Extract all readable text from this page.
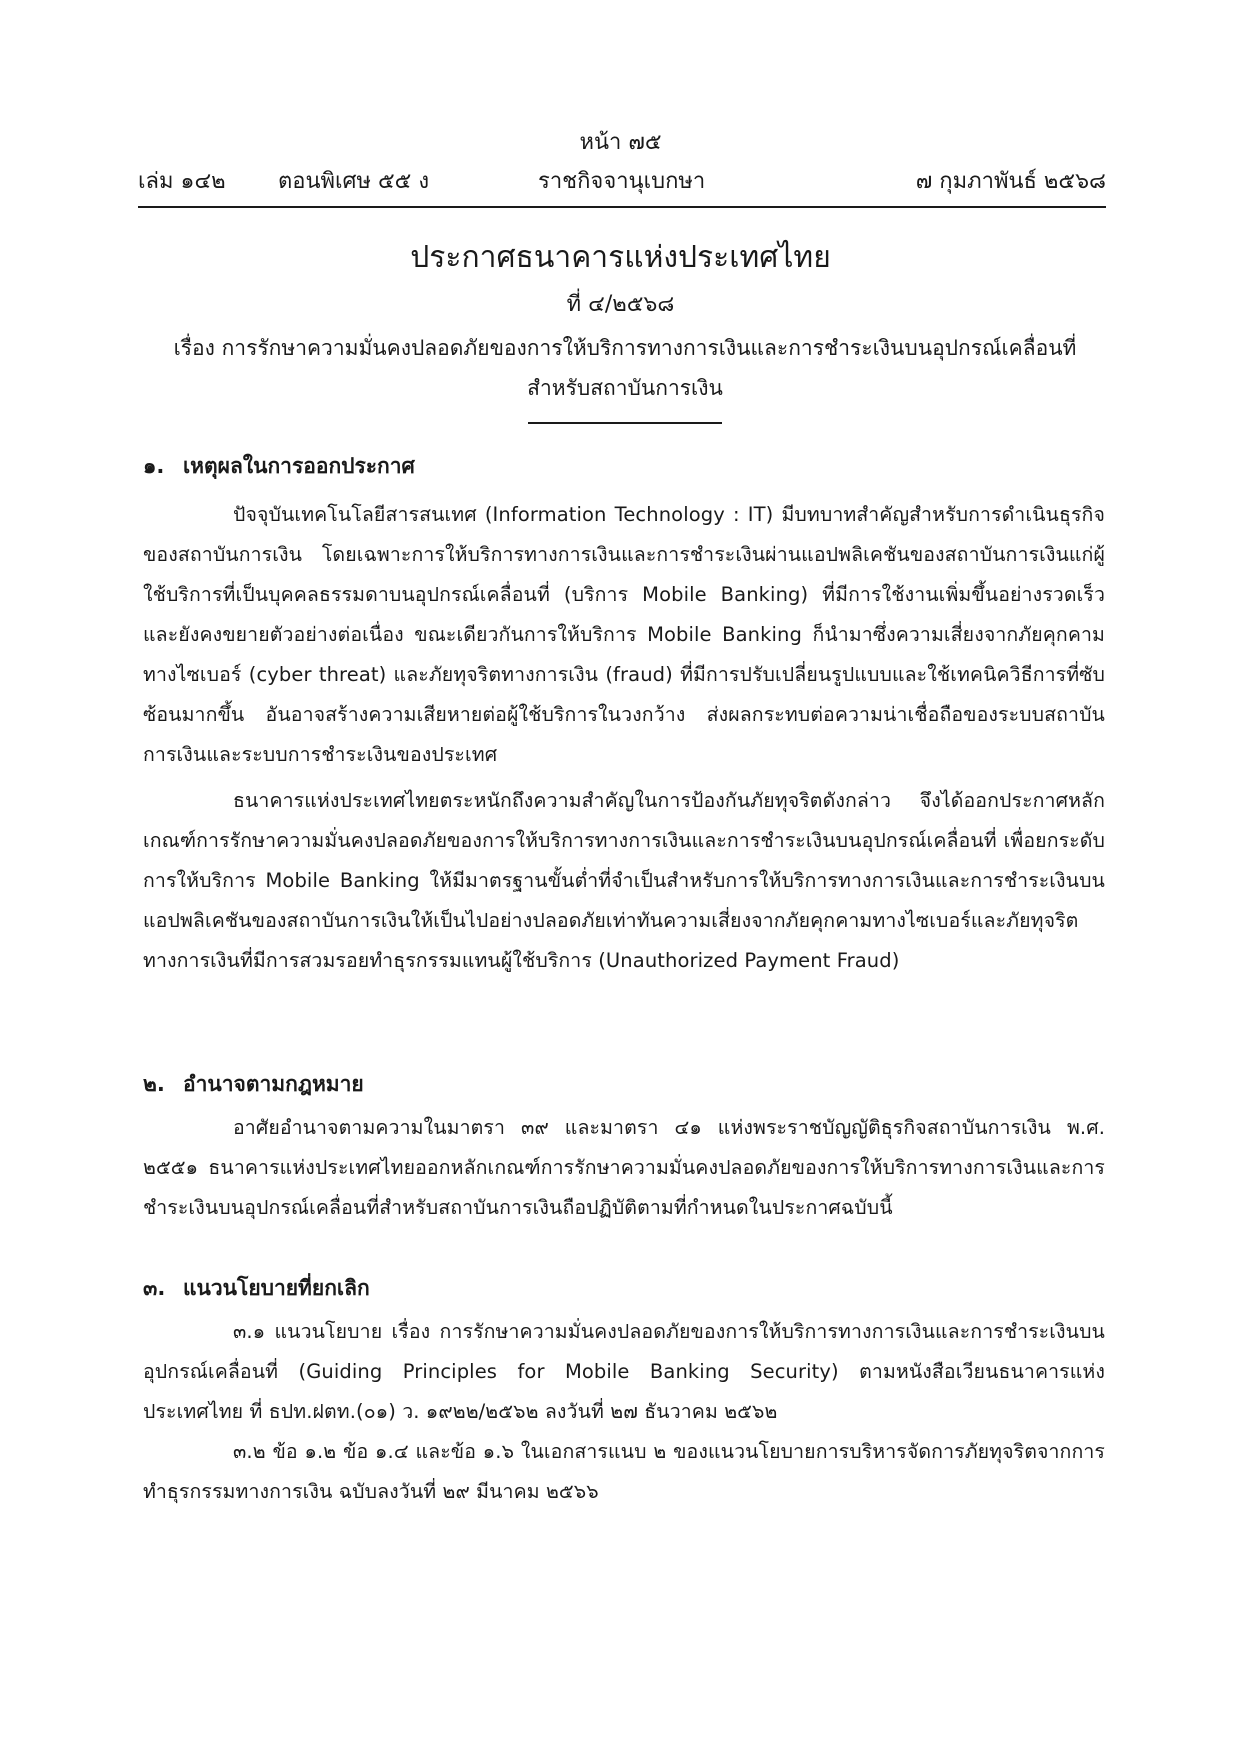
หน้า ๗๕
เล่ม ๑๔๒ ตอนพิเศษ ๕๕ ง	ราชกิจจานุเบกษา	๗ กุมภาพันธ์ ๒๕๖๘
ประกาศธนาคารแห่งประเทศไทย
ที่ ๔/๒๕๖๘
เรื่อง การรักษาความมั่นคงปลอดภัยของการให้บริการทางการเงินและการชำระเงินบนอุปกรณ์เคลื่อนที่ สำหรับสถาบันการเงิน
๑. เหตุผลในการออกประกาศ

ปัจจุบันเทคโนโลยีสารสนเทศ (Information Technology : IT) มีบทบาทสำคัญสำหรับการดำเนินธุรกิจของสถาบันการเงิน โดยเฉพาะการให้บริการทางการเงินและการชำระเงินผ่านแอปพลิเคชันของสถาบันการเงินแก่ผู้ใช้บริการที่เป็นบุคคลธรรมดาบนอุปกรณ์เคลื่อนที่ (บริการ Mobile Banking) ที่มีการใช้งานเพิ่มขึ้นอย่างรวดเร็ว และยังคงขยายตัวอย่างต่อเนื่อง ขณะเดียวกันการให้บริการ Mobile Banking ก็นำมาซึ่งความเสี่ยงจากภัยคุกคามทางไซเบอร์ (cyber threat) และภัยทุจริตทางการเงิน (fraud) ที่มีการปรับเปลี่ยนรูปแบบและใช้เทคนิควิธีการที่ซับซ้อนมากขึ้น อันอาจสร้างความเสียหายต่อผู้ใช้บริการในวงกว้าง ส่งผลกระทบต่อความน่าเชื่อถือของระบบสถาบันการเงินและระบบการชำระเงินของประเทศ

ธนาคารแห่งประเทศไทยตระหนักถึงความสำคัญในการป้องกันภัยทุจริตดังกล่าว จึงได้ออกประกาศหลักเกณฑ์การรักษาความมั่นคงปลอดภัยของการให้บริการทางการเงินและการชำระเงินบนอุปกรณ์เคลื่อนที่ เพื่อยกระดับการให้บริการ Mobile Banking ให้มีมาตรฐานขั้นต่ำที่จำเป็นสำหรับการให้บริการทางการเงินและการชำระเงินบนแอปพลิเคชันของสถาบันการเงินให้เป็นไปอย่างปลอดภัยเท่าทันความเสี่ยงจากภัยคุกคามทางไซเบอร์และภัยทุจริตทางการเงินที่มีการสวมรอยทำธุรกรรมแทนผู้ใช้บริการ (Unauthorized Payment Fraud)

๒. อำนาจตามกฎหมาย

อาศัยอำนาจตามความในมาตรา ๓๙ และมาตรา ๔๑ แห่งพระราชบัญญัติธุรกิจสถาบันการเงิน พ.ศ. ๒๕๕๑ ธนาคารแห่งประเทศไทยออกหลักเกณฑ์การรักษาความมั่นคงปลอดภัยของการให้บริการทางการเงินและการชำระเงินบนอุปกรณ์เคลื่อนที่สำหรับสถาบันการเงินถือปฏิบัติตามที่กำหนดในประกาศฉบับนี้

๓. แนวนโยบายที่ยกเลิก

๓.๑ แนวนโยบาย เรื่อง การรักษาความมั่นคงปลอดภัยของการให้บริการทางการเงินและการชำระเงินบนอุปกรณ์เคลื่อนที่ (Guiding Principles for Mobile Banking Security) ตามหนังสือเวียนธนาคารแห่งประเทศไทย ที่ ธปท.ฝตท.(๐๑) ว. ๑๙๒๒/๒๕๖๒ ลงวันที่ ๒๗ ธันวาคม ๒๕๖๒

๓.๒ ข้อ ๑.๒ ข้อ ๑.๔ และข้อ ๑.๖ ในเอกสารแนบ ๒ ของแนวนโยบายการบริหารจัดการภัยทุจริตจากการทำธุรกรรมทางการเงิน ฉบับลงวันที่ ๒๙ มีนาคม ๒๕๖๖
